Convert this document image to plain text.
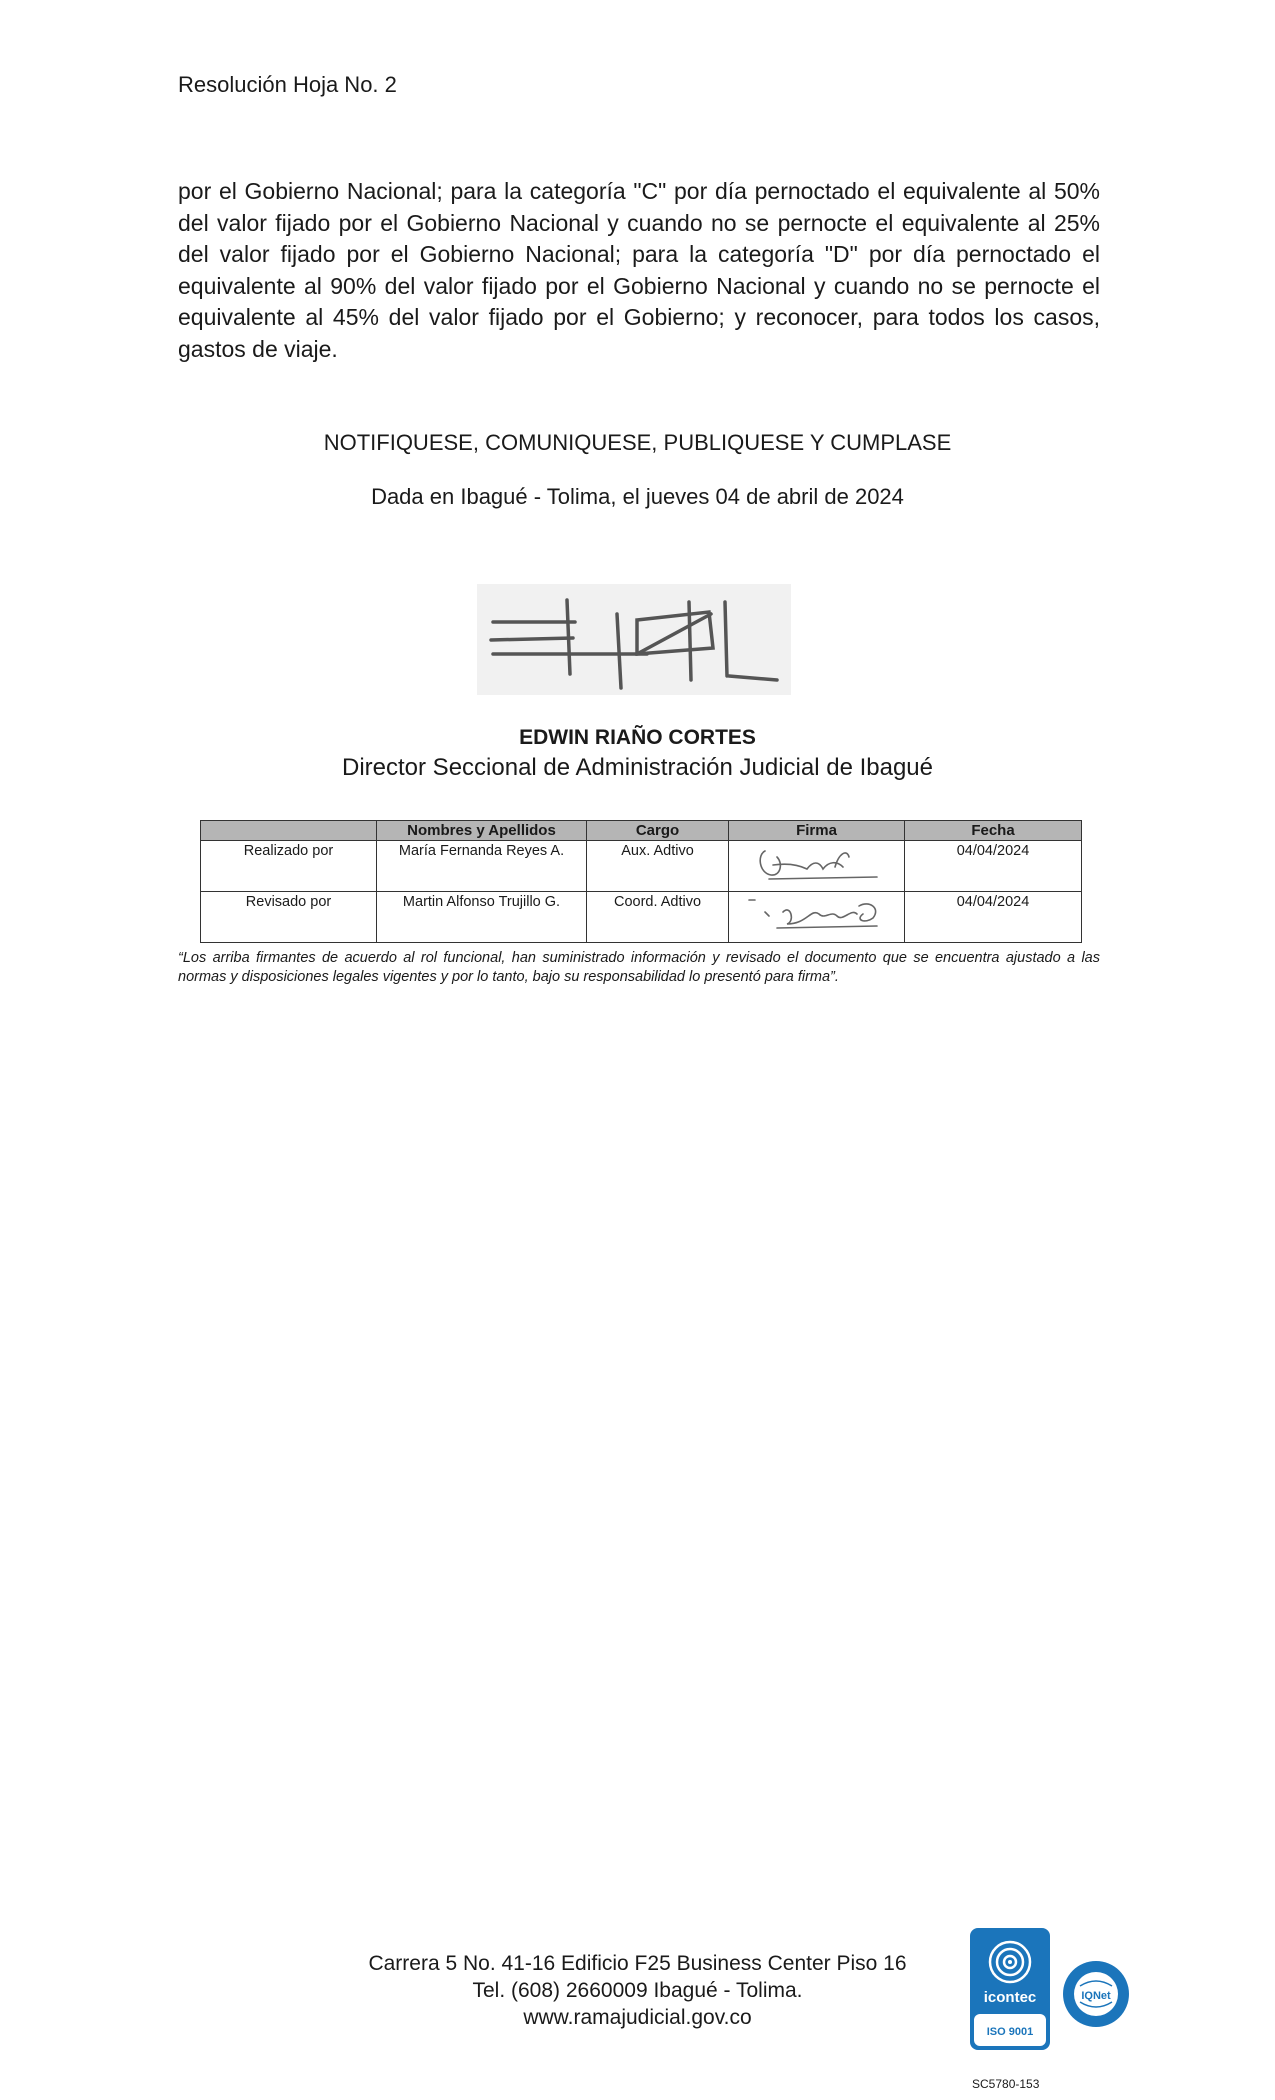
Resolución Hoja No. 2
por el Gobierno Nacional; para la categoría "C" por día pernoctado el equivalente al 50% del valor fijado por el Gobierno Nacional y cuando no se pernocte el equivalente al 25% del valor fijado por el Gobierno Nacional; para la categoría "D" por día pernoctado el equivalente al 90% del valor fijado por el Gobierno Nacional y cuando no se pernocte el equivalente al 45% del valor fijado por el Gobierno; y reconocer, para todos los casos, gastos de viaje.
NOTIFIQUESE, COMUNIQUESE, PUBLIQUESE Y CUMPLASE
Dada en Ibagué - Tolima, el jueves 04 de abril de 2024
EDWIN RIAÑO CORTES
Director Seccional de Administración Judicial de Ibagué
	Nombres y Apellidos	Cargo	Firma	Fecha
Realizado por	María Fernanda Reyes A.	Aux. Adtivo		04/04/2024
Revisado por	Martin Alfonso Trujillo G.	Coord. Adtivo		04/04/2024
“Los arriba firmantes de acuerdo al rol funcional, han suministrado información y revisado el documento que se encuentra ajustado a las normas y disposiciones legales vigentes y por lo tanto, bajo su responsabilidad lo presentó para firma”.
Carrera 5 No. 41-16 Edificio F25 Business Center Piso 16
Tel. (608) 2660009 Ibagué - Tolima.
www.ramajudicial.gov.co
icontec
ISO 9001
IQNet
SC5780-153
